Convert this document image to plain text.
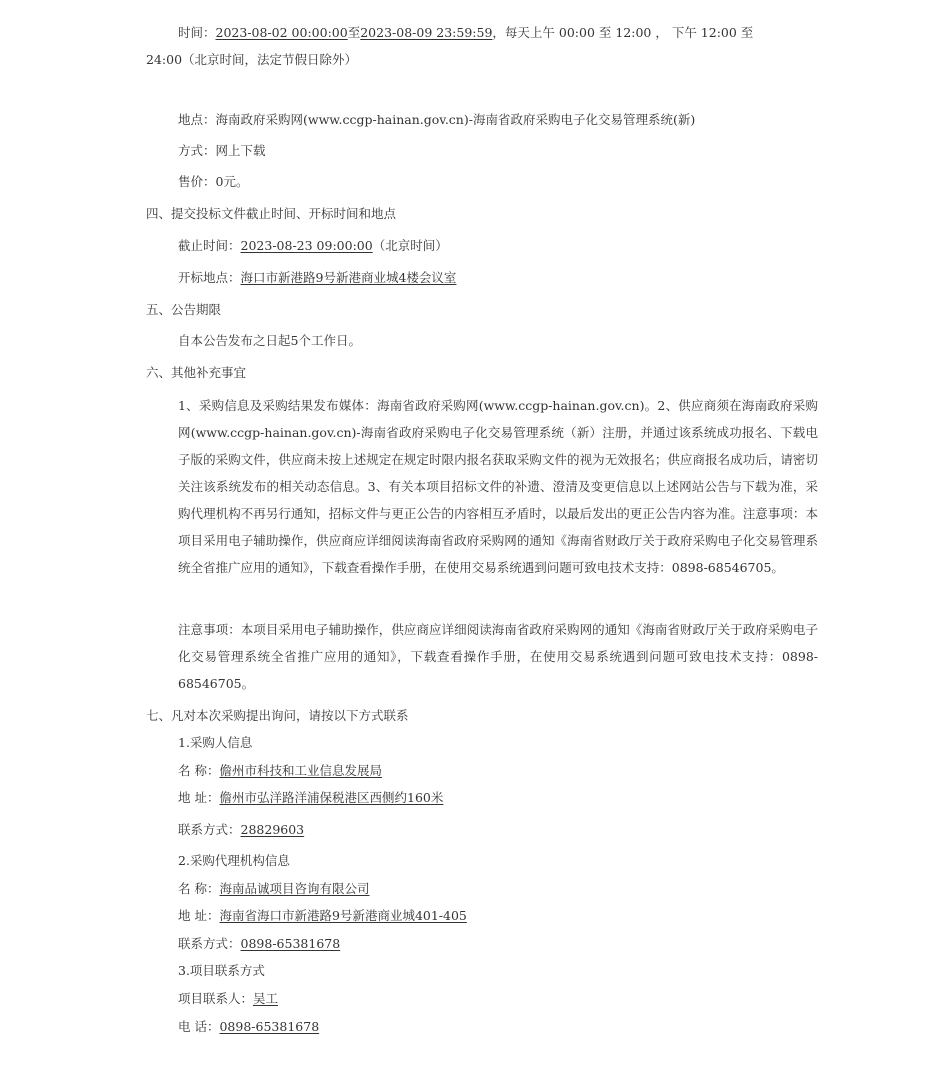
时间：2023-08-02 00:00:00至2023-08-09 23:59:59，每天上午 00:00 至 12:00 ， 下午 12:00 至
24:00（北京时间，法定节假日除外）
地点：海南政府采购网(www.ccgp-hainan.gov.cn)-海南省政府采购电子化交易管理系统(新)
方式：网上下载
售价：0元。
四、提交投标文件截止时间、开标时间和地点
截止时间：2023-08-23 09:00:00（北京时间）
开标地点：海口市新港路9号新港商业城4楼会议室
五、公告期限
自本公告发布之日起5个工作日。
六、其他补充事宜
1、采购信息及采购结果发布媒体：海南省政府采购网(www.ccgp-hainan.gov.cn)。2、供应商须在海南政府采购网(www.ccgp-hainan.gov.cn)-海南省政府采购电子化交易管理系统（新）注册，并通过该系统成功报名、下载电子版的采购文件，供应商未按上述规定在规定时限内报名获取采购文件的视为无效报名；供应商报名成功后，请密切关注该系统发布的相关动态信息。3、有关本项目招标文件的补遗、澄清及变更信息以上述网站公告与下载为准，采购代理机构不再另行通知，招标文件与更正公告的内容相互矛盾时，以最后发出的更正公告内容为准。注意事项：本项目采用电子辅助操作，供应商应详细阅读海南省政府采购网的通知《海南省财政厅关于政府采购电子化交易管理系统全省推广应用的通知》，下载查看操作手册，在使用交易系统遇到问题可致电技术支持：0898-68546705。
注意事项：本项目采用电子辅助操作，供应商应详细阅读海南省政府采购网的通知《海南省财政厅关于政府采购电子化交易管理系统全省推广应用的通知》，下载查看操作手册，在使用交易系统遇到问题可致电技术支持：0898-68546705。
七、凡对本次采购提出询问，请按以下方式联系
1.采购人信息
名 称：儋州市科技和工业信息发展局
地 址：儋州市弘洋路洋浦保税港区西侧约160米
联系方式：28829603
2.采购代理机构信息
名 称：海南品诚项目咨询有限公司
地 址：海南省海口市新港路9号新港商业城401-405
联系方式：0898-65381678
3.项目联系方式
项目联系人：吴工
电 话：0898-65381678
